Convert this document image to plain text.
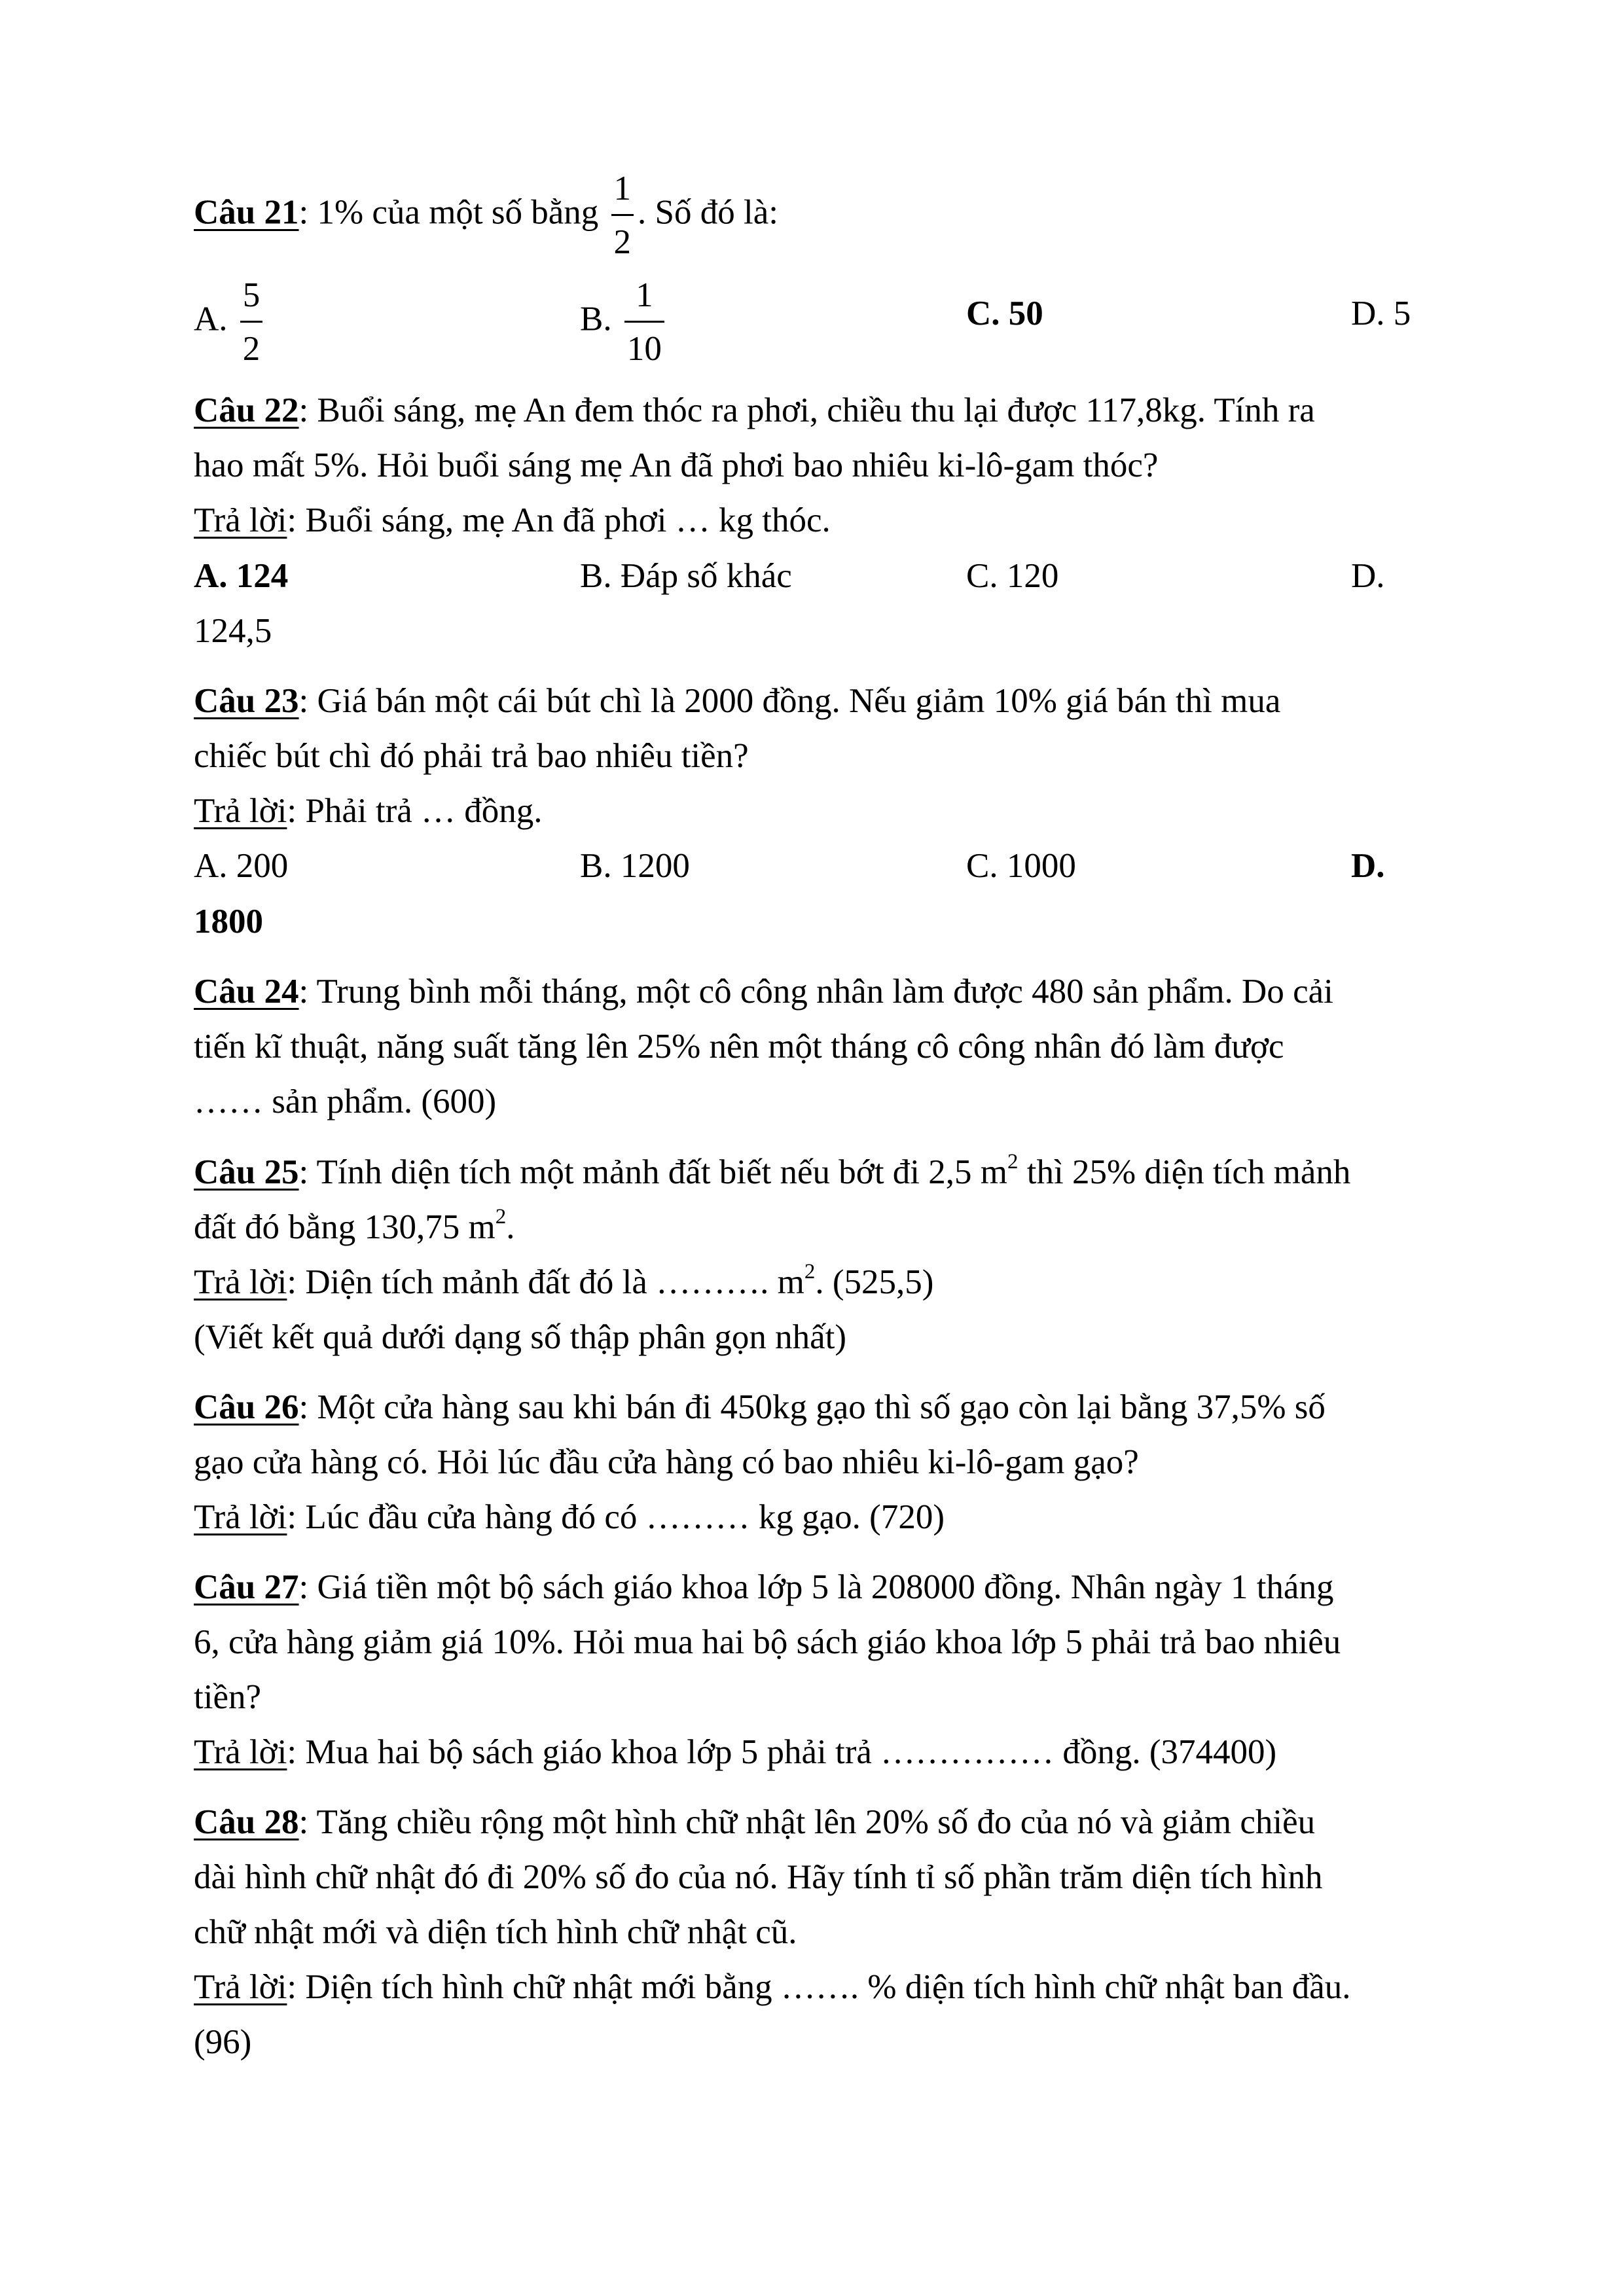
Câu 21: 1% của một số bằng $\frac{1}{2}$ . Số đó là:
A. $\frac{5}{2}$	B. $\frac{1}{10}$	C. 50	D. 5
Câu 22: Buổi sáng, mẹ An đem thóc ra phơi, chiều thu lại được 117,8kg. Tính ra
hao mất 5%. Hỏi buổi sáng mẹ An đã phơi bao nhiêu ki-lô-gam thóc?
Trả lời: Buổi sáng, mẹ An đã phơi … kg thóc.
A. 124	B. Đáp số khác	C. 120	D.
124,5
Câu 23: Giá bán một cái bút chì là 2000 đồng. Nếu giảm 10% giá bán thì mua
chiếc bút chì đó phải trả bao nhiêu tiền?
Trả lời: Phải trả … đồng.
A. 200	B. 1200	C. 1000	D.
1800
Câu 24: Trung bình mỗi tháng, một cô công nhân làm được 480 sản phẩm. Do cải
tiến kĩ thuật, năng suất tăng lên 25% nên một tháng cô công nhân đó làm được
…… sản phẩm. (600)
Câu 25: Tính diện tích một mảnh đất biết nếu bớt đi 2,5 $m^2$ thì 25% diện tích mảnh
đất đó bằng 130,75 $m^2$.
Trả lời: Diện tích mảnh đất đó là ………. $m^2$. (525,5)
(Viết kết quả dưới dạng số thập phân gọn nhất)
Câu 26: Một cửa hàng sau khi bán đi 450kg gạo thì số gạo còn lại bằng 37,5% số
gạo cửa hàng có. Hỏi lúc đầu cửa hàng có bao nhiêu ki-lô-gam gạo?
Trả lời: Lúc đầu cửa hàng đó có ……… kg gạo. (720)
Câu 27: Giá tiền một bộ sách giáo khoa lớp 5 là 208000 đồng. Nhân ngày 1 tháng
6, cửa hàng giảm giá 10%. Hỏi mua hai bộ sách giáo khoa lớp 5 phải trả bao nhiêu
tiền?
Trả lời: Mua hai bộ sách giáo khoa lớp 5 phải trả …………… đồng. (374400)
Câu 28: Tăng chiều rộng một hình chữ nhật lên 20% số đo của nó và giảm chiều
dài hình chữ nhật đó đi 20% số đo của nó. Hãy tính tỉ số phần trăm diện tích hình
chữ nhật mới và diện tích hình chữ nhật cũ.
Trả lời: Diện tích hình chữ nhật mới bằng ……. % diện tích hình chữ nhật ban đầu.
(96)
